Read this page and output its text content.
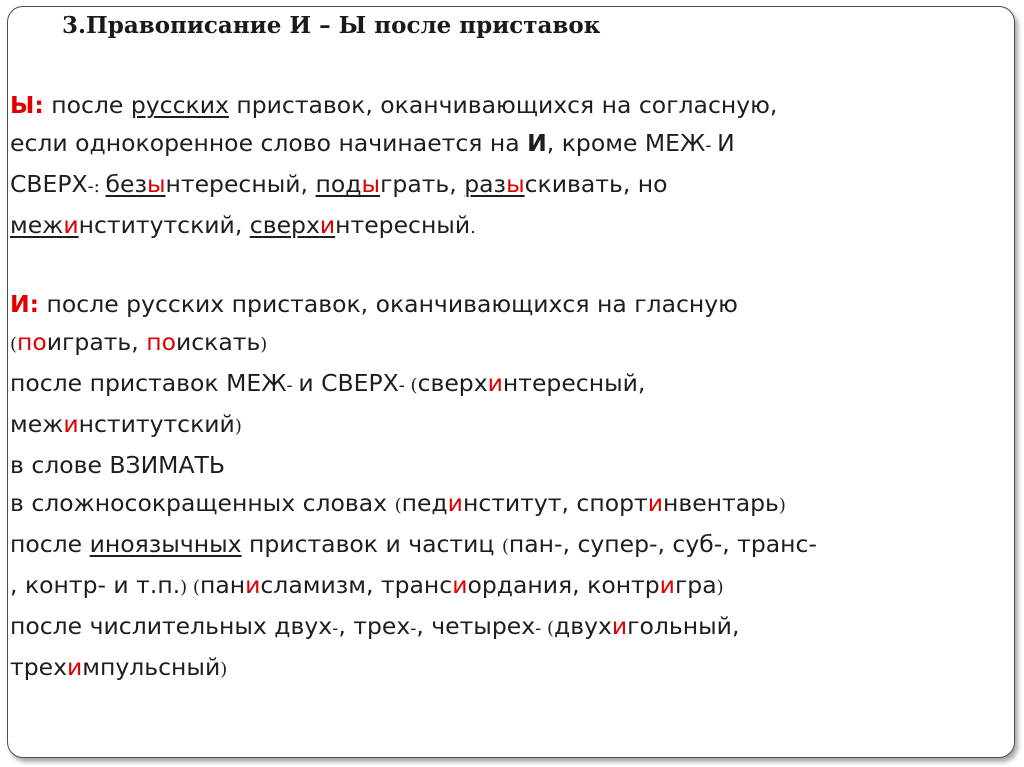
3.Правописание И – Ы после приставок

Ы: после русских приставок, оканчивающихся на согласную,

если однокоренное слово начинается на И, кроме МЕЖ- И

СВЕРХ-: безынтересный, подыграть, разыскивать, но

межинститутский, сверхинтересный.

И: после русских приставок, оканчивающихся на гласную

(поиграть, поискать)

после приставок МЕЖ- и СВЕРХ- (сверхинтересный,

межинститутский)

в слове ВЗИМАТЬ

в сложносокращенных словах (пединститут, спортинвентарь)

после иноязычных приставок и частиц (пан-, супер-, суб-, транс-

, контр- и т.п.) (панисламизм, трансиордания, контригра)

после числительных двух-, трех-, четырех- (двухигольный,

трехимпульсный)
